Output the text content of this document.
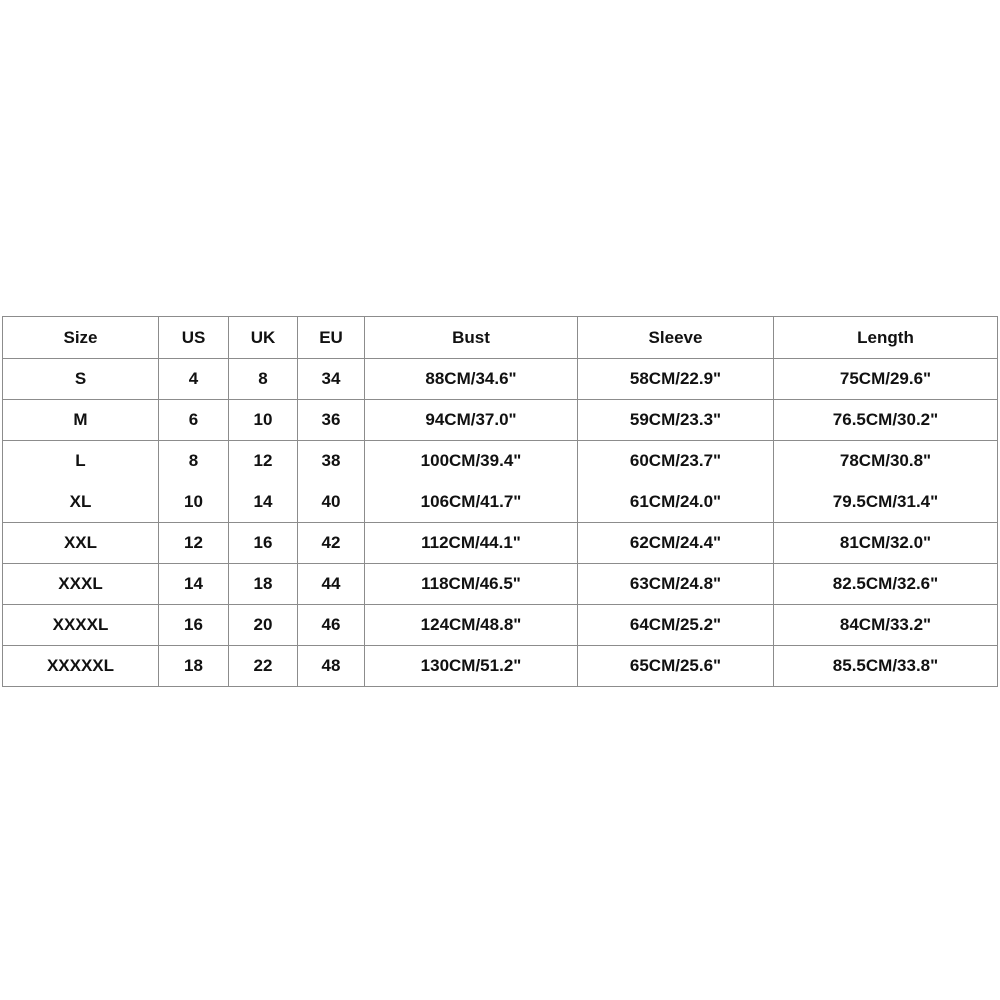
Size	US	UK	EU	Bust	Sleeve	Length
S	4	8	34	88CM/34.6"	58CM/22.9"	75CM/29.6"
M	6	10	36	94CM/37.0"	59CM/23.3"	76.5CM/30.2"
L	8	12	38	100CM/39.4"	60CM/23.7"	78CM/30.8"
XL	10	14	40	106CM/41.7"	61CM/24.0"	79.5CM/31.4"
XXL	12	16	42	112CM/44.1"	62CM/24.4"	81CM/32.0"
XXXL	14	18	44	118CM/46.5"	63CM/24.8"	82.5CM/32.6"
XXXXL	16	20	46	124CM/48.8"	64CM/25.2"	84CM/33.2"
XXXXXL	18	22	48	130CM/51.2"	65CM/25.6"	85.5CM/33.8"
